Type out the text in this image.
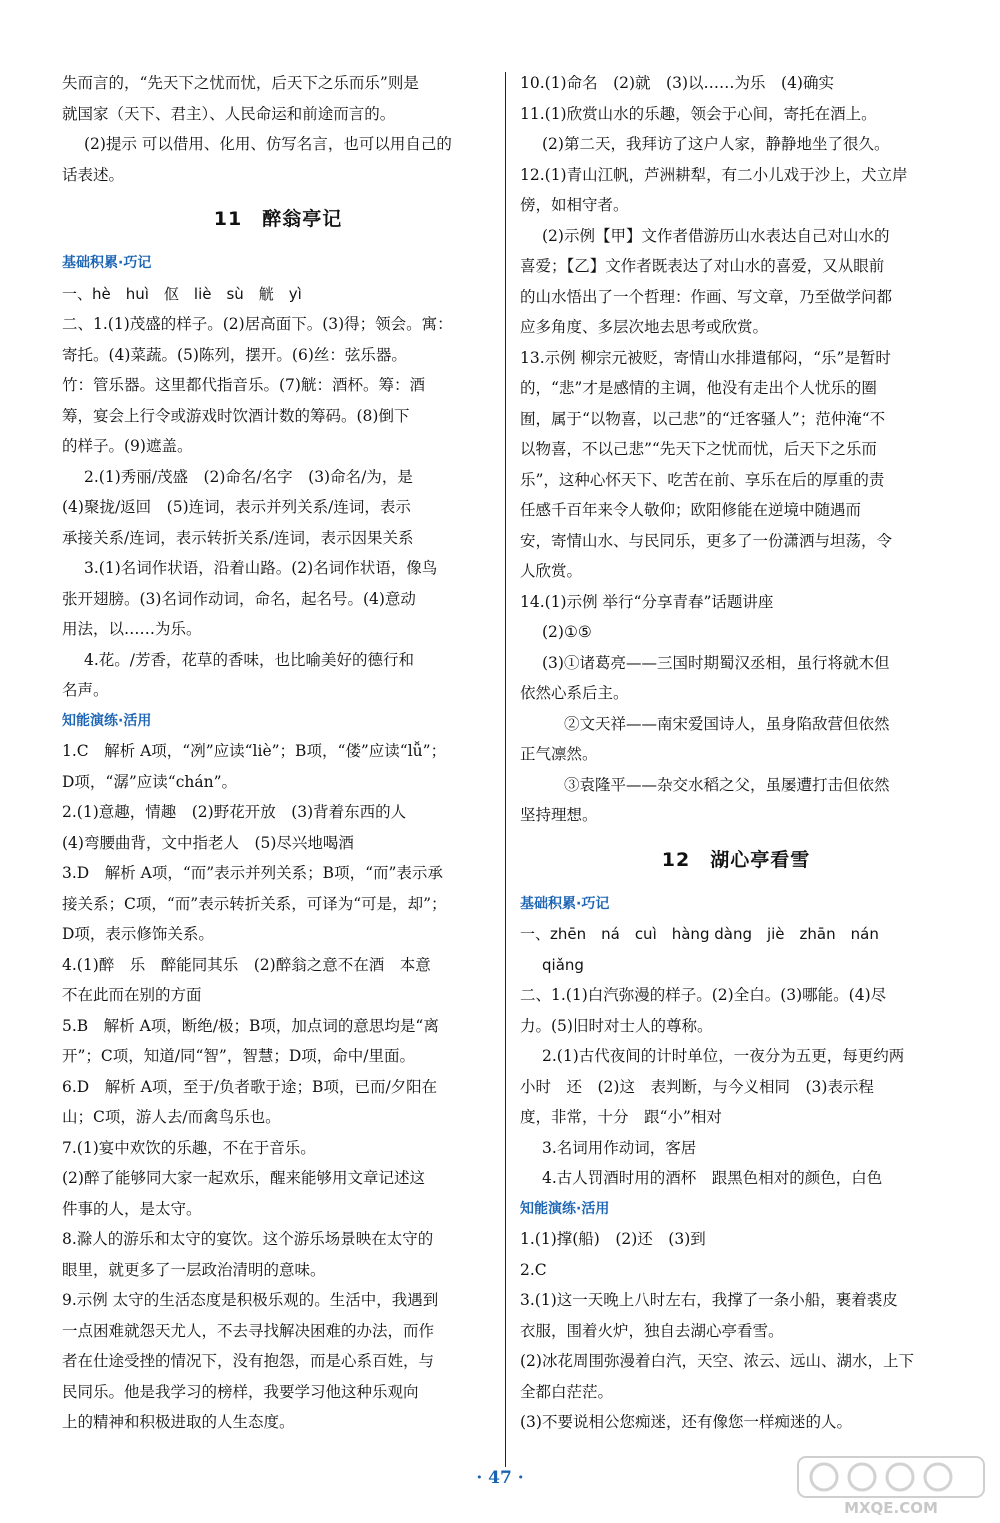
失而言的，“先天下之忧而忧，后天下之乐而乐”则是
就国家（天下、君主）、人民命运和前途而言的。
(2)提示 可以借用、化用、仿写名言，也可以用自己的
话表述。
11　醉翁亭记
基础积累·巧记
一、hè　huì　伛　liè　sù　觥　yì
二、1.(1)茂盛的样子。(2)居高面下。(3)得；领会。寓：
寄托。(4)菜蔬。(5)陈列，摆开。(6)丝：弦乐器。
竹：管乐器。这里都代指音乐。(7)觥：酒杯。筹：酒
筹，宴会上行令或游戏时饮酒计数的筹码。(8)倒下
的样子。(9)遮盖。
2.(1)秀丽/茂盛　(2)命名/名字　(3)命名/为，是
(4)聚拢/返回　(5)连词，表示并列关系/连词，表示
承接关系/连词，表示转折关系/连词，表示因果关系
3.(1)名词作状语，沿着山路。(2)名词作状语，像鸟
张开翅膀。(3)名词作动词，命名，起名号。(4)意动
用法，以……为乐。
4.花。/芳香，花草的香味，也比喻美好的德行和
名声。
知能演练·活用
1.C　解析 A项，“冽”应读“liè”；B项，“偻”应读“lǚ”；
D项，“潺”应读“chán”。
2.(1)意趣，情趣　(2)野花开放　(3)背着东西的人
(4)弯腰曲背，文中指老人　(5)尽兴地喝酒
3.D　解析 A项，“而”表示并列关系；B项，“而”表示承
接关系；C项，“而”表示转折关系，可译为“可是，却”；
D项，表示修饰关系。
4.(1)醉　乐　醉能同其乐　(2)醉翁之意不在酒　本意
不在此而在别的方面
5.B　解析 A项，断绝/极；B项，加点词的意思均是“离
开”；C项，知道/同“智”，智慧；D项，命中/里面。
6.D　解析 A项，至于/负者歌于途；B项，已而/夕阳在
山；C项，游人去/而禽鸟乐也。
7.(1)宴中欢饮的乐趣，不在于音乐。
(2)醉了能够同大家一起欢乐，醒来能够用文章记述这
件事的人，是太守。
8.滁人的游乐和太守的宴饮。这个游乐场景映在太守的
眼里，就更多了一层政治清明的意味。
9.示例 太守的生活态度是积极乐观的。生活中，我遇到
一点困难就怨天尤人，不去寻找解决困难的办法，而作
者在仕途受挫的情况下，没有抱怨，而是心系百姓，与
民同乐。他是我学习的榜样，我要学习他这种乐观向
上的精神和积极进取的人生态度。
10.(1)命名　(2)就　(3)以……为乐　(4)确实
11.(1)欣赏山水的乐趣，领会于心间，寄托在酒上。
(2)第二天，我拜访了这户人家，静静地坐了很久。
12.(1)青山江帆，芦洲耕犁，有二小儿戏于沙上，犬立岸
傍，如相守者。
(2)示例【甲】文作者借游历山水表达自己对山水的
喜爱；【乙】文作者既表达了对山水的喜爱，又从眼前
的山水悟出了一个哲理：作画、写文章，乃至做学问都
应多角度、多层次地去思考或欣赏。
13.示例 柳宗元被贬，寄情山水排遣郁闷，“乐”是暂时
的，“悲”才是感情的主调，他没有走出个人忧乐的圈
囿，属于“以物喜，以己悲”的“迁客骚人”；范仲淹“不
以物喜，不以己悲”“先天下之忧而忧，后天下之乐而
乐”，这种心怀天下、吃苦在前、享乐在后的厚重的责
任感千百年来令人敬仰；欧阳修能在逆境中随遇而
安，寄情山水、与民同乐，更多了一份潇洒与坦荡，令
人欣赏。
14.(1)示例 举行“分享青春”话题讲座
(2)①⑤
(3)①诸葛亮——三国时期蜀汉丞相，虽行将就木但
依然心系后主。
②文天祥——南宋爱国诗人，虽身陷敌营但依然
正气凛然。
③袁隆平——杂交水稻之父，虽屡遭打击但依然
坚持理想。
12　湖心亭看雪
基础积累·巧记
一、zhēn　ná　cuì　hàng dàng　jiè　zhān　nán
qiǎng
二、1.(1)白汽弥漫的样子。(2)全白。(3)哪能。(4)尽
力。(5)旧时对士人的尊称。
2.(1)古代夜间的计时单位，一夜分为五更，每更约两
小时　还　(2)这　表判断，与今义相同　(3)表示程
度，非常，十分　跟“小”相对
3.名词用作动词，客居
4.古人罚酒时用的酒杯　跟黑色相对的颜色，白色
知能演练·活用
1.(1)撑(船)　(2)还　(3)到
2.C
3.(1)这一天晚上八时左右，我撑了一条小船，裹着裘皮
衣服，围着火炉，独自去湖心亭看雪。
(2)冰花周围弥漫着白汽，天空、浓云、远山、湖水，上下
全都白茫茫。
(3)不要说相公您痴迷，还有像您一样痴迷的人。
· 47 ·
MXQE.COM
